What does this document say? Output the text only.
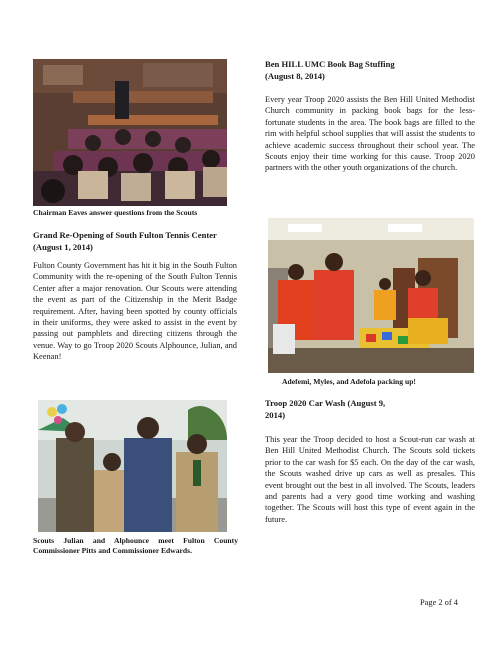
Chairman Eaves answer questions from the Scouts
Grand Re-Opening of South Fulton Tennis Center (August 1, 2014)
Fulton County Government has hit it big in the South Fulton Community with the re-opening of the South Fulton Tennis Center after a major renovation. Our Scouts were attending the event as part of the Citizenship in the Merit Badge requirement. After, having been spotted by county officials in their uniforms, they were asked to assist in the event by passing out pamphlets and directing citizens through the venue. Way to go Troop 2020 Scouts Alphounce, Julian, and Keenan!
Scouts Julian and Alphounce meet Fulton County Commissioner Pitts and Commissioner Edwards.
Ben HILL UMC Book Bag Stuffing (August 8, 2014)
Every year Troop 2020 assists the Ben Hill United Methodist Church community in packing book bags for the less-fortunate students in the area. The book bags are filled to the rim with helpful school supplies that will assist the students to achieve academic success throughout their school year. The Scouts enjoy their time working for this cause. Troop 2020 partners with the other youth organizations of the church.
Adefemi, Myles, and Adefola packing up!
Troop 2020 Car Wash (August 9, 2014)
This year the Troop decided to host a Scout-run car wash at Ben Hill United Methodist Church. The Scouts sold tickets prior to the car wash for $5 each. On the day of the car wash, the Scouts washed drive up cars as well as presales. This event brought out the best in all involved. The Scouts, leaders and parents had a very good time working and washing together. The Scouts will host this type of event again in the future.
Page 2 of 4
